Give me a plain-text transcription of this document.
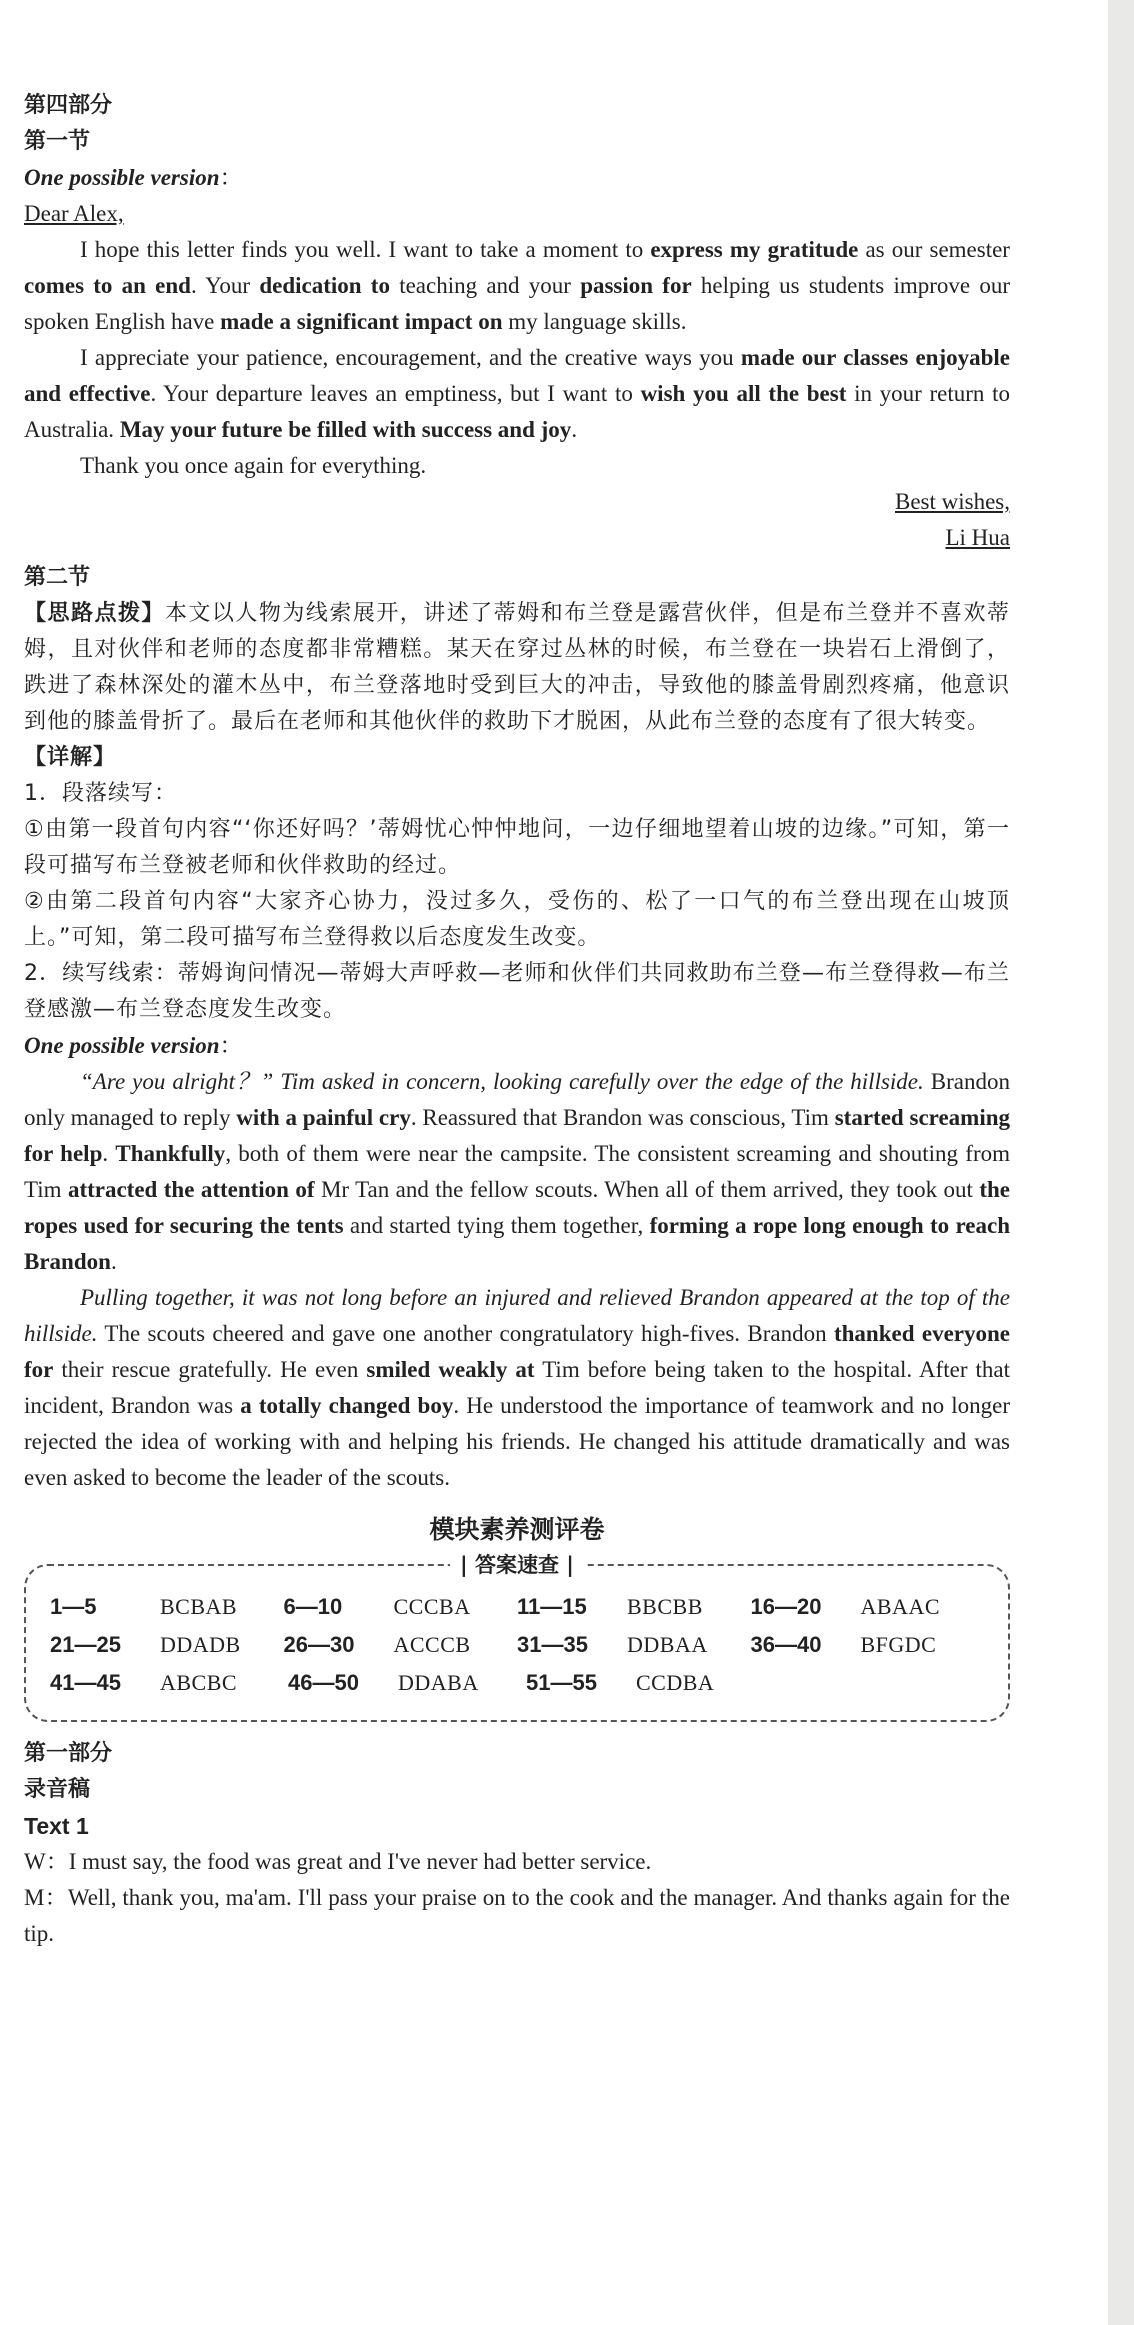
第四部分
第一节
One possible version：
Dear Alex,

I hope this letter finds you well. I want to take a moment to express my gratitude as our semester comes to an end. Your dedication to teaching and your passion for helping us students improve our spoken English have made a significant impact on my language skills.

I appreciate your patience, encouragement, and the creative ways you made our classes enjoyable and effective. Your departure leaves an emptiness, but I want to wish you all the best in your return to Australia. May your future be filled with success and joy.

Thank you once again for everything.

Best wishes,
Li Hua
第二节

【思路点拨】本文以人物为线索展开，讲述了蒂姆和布兰登是露营伙伴，但是布兰登并不喜欢蒂姆，且对伙伴和老师的态度都非常糟糕。某天在穿过丛林的时候，布兰登在一块岩石上滑倒了，跌进了森林深处的灌木丛中，布兰登落地时受到巨大的冲击，导致他的膝盖骨剧烈疼痛，他意识到他的膝盖骨折了。最后在老师和其他伙伴的救助下才脱困，从此布兰登的态度有了很大转变。

【详解】

1．段落续写：

①由第一段首句内容“‘你还好吗？’蒂姆忧心忡忡地问，一边仔细地望着山坡的边缘。”可知，第一段可描写布兰登被老师和伙伴救助的经过。

②由第二段首句内容“大家齐心协力，没过多久，受伤的、松了一口气的布兰登出现在山坡顶上。”可知，第二段可描写布兰登得救以后态度发生改变。

2．续写线索：蒂姆询问情况—蒂姆大声呼救—老师和伙伴们共同救助布兰登—布兰登得救—布兰登感激—布兰登态度发生改变。

One possible version：

“Are you alright？” Tim asked in concern, looking carefully over the edge of the hillside. Brandon only managed to reply with a painful cry. Reassured that Brandon was conscious, Tim started screaming for help. Thankfully, both of them were near the campsite. The consistent screaming and shouting from Tim attracted the attention of Mr Tan and the fellow scouts. When all of them arrived, they took out the ropes used for securing the tents and started tying them together, forming a rope long enough to reach Brandon.

Pulling together, it was not long before an injured and relieved Brandon appeared at the top of the hillside. The scouts cheered and gave one another congratulatory high-fives. Brandon thanked everyone for their rescue gratefully. He even smiled weakly at Tim before being taken to the hospital. After that incident, Brandon was a totally changed boy. He understood the importance of teamwork and no longer rejected the idea of working with and helping his friends. He changed his attitude dramatically and was even asked to become the leader of the scouts.

模块素养测评卷
| 答案速查 |
1—5	BCBAB 6—10	CCCBA 11—15	BBCBB 16—20	ABAAC
21—25	DDADB 26—30	ACCCB 31—35	DDBAA 36—40	BFGDC
41—45	ABCBC 46—50	DDABA 51—55	CCDBA
第一部分
录音稿
Text 1

W：I must say, the food was great and I've never had better service.

M：Well, thank you, ma'am. I'll pass your praise on to the cook and the manager. And thanks again for the tip.
